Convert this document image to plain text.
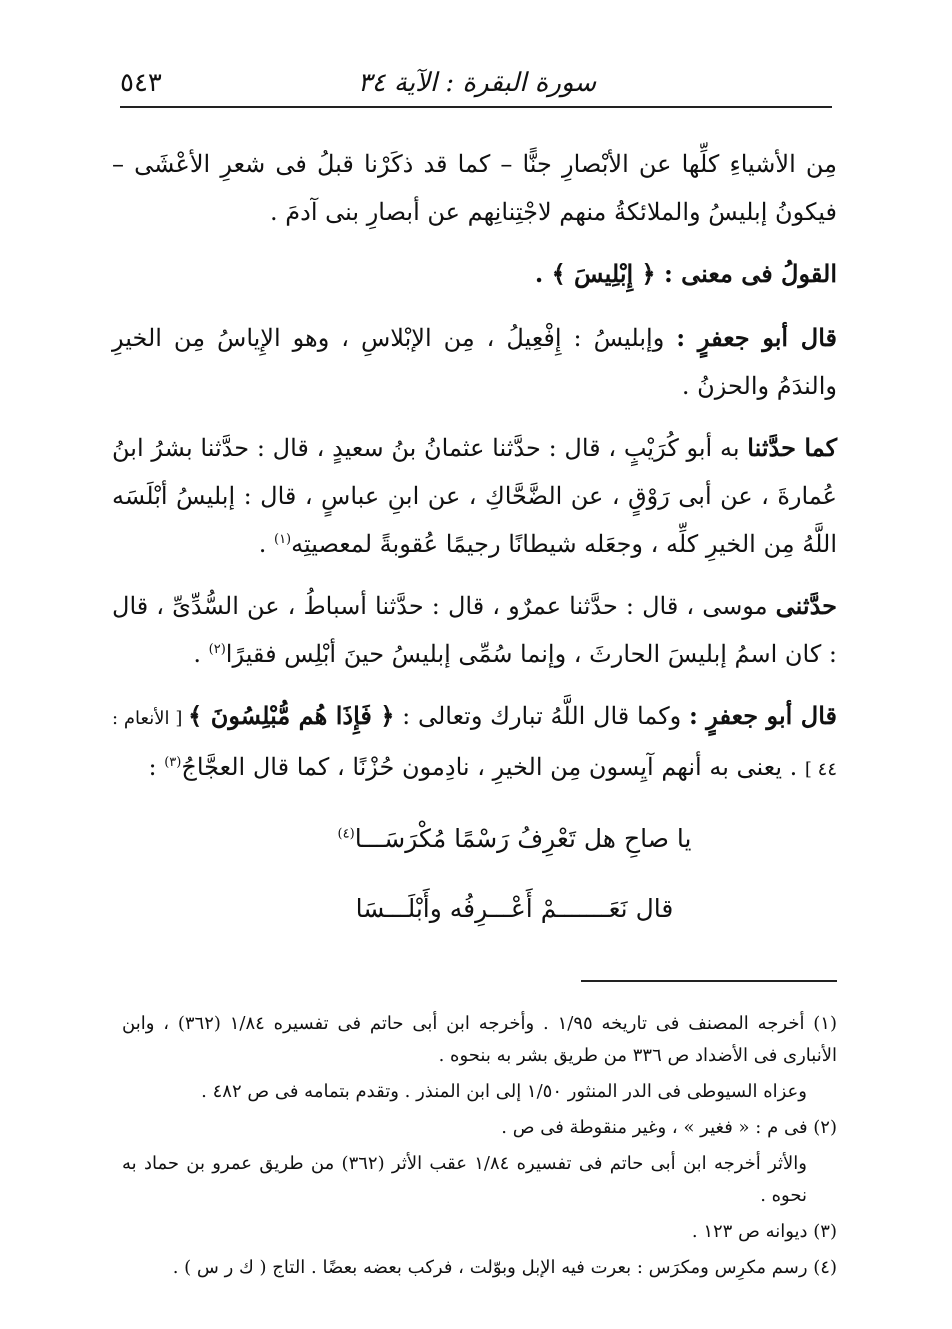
٥٤٣	سورة البقرة : الآية ٣٤

مِن الأشياءِ كلِّها عن الأبْصارِ جنًّا – كما قد ذكَرْنا قبلُ فى شعرِ الأعْشَى – فيكونُ إبليسُ والملائكةُ منهم لاجْتِنانِهم عن أبصارِ بنى آدمَ .

القولُ فى معنى : ﴿ إِبْلِيسَ ﴾ .

قال أبو جعفرٍ : وإبليسُ : إِفْعِيلُ ، مِن الإبْلاسِ ، وهو الإِياسُ مِن الخيرِ والندَمُ والحزنُ .

كما حدَّثنا به أبو كُرَيْبٍ ، قال : حدَّثنا عثمانُ بنُ سعيدٍ ، قال : حدَّثنا بشرُ ابنُ عُمارةَ ، عن أبى رَوْقٍ ، عن الضَّحَّاكِ ، عن ابنِ عباسٍ ، قال : إبليسُ أبْلَسَه اللَّهُ مِن الخيرِ كلِّه ، وجعَله شيطانًا رجيمًا عُقوبةً لمعصيتِه$^{(١)}$ .

حدَّثنى موسى ، قال : حدَّثنا عمرٌو ، قال : حدَّثنا أسباطُ ، عن السُّدِّىِّ ، قال : كان اسمُ إبليسَ الحارثَ ، وإنما سُمِّى إبليسُ حينَ أبْلِس فقيرًا$^{(٢)}$ .

قال أبو جعفرٍ : وكما قال اللَّهُ تبارك وتعالى : ﴿ فَإِذَا هُم مُّبْلِسُونَ ﴾ [ الأنعام : ٤٤ ] . يعنى به أنهم آيِسون مِن الخيرِ ، نادِمون حُزْنًا ، كما قال العجَّاجُ$^{(٣)}$ :

يا صاحِ هل تَعْرِفُ رَسْمًا مُكْرَسَـــا$^{(٤)}$
قال نَعَـــــــمْ أَعْـــرِفُه وأَبْلَـــسَا

(١) أخرجه المصنف فى تاريخه ١/٩٥ . وأخرجه ابن أبى حاتم فى تفسيره ١/٨٤ (٣٦٢) ، وابن الأنبارى فى الأضداد ص ٣٣٦ من طريق بشر به بنحوه .

وعزاه السيوطى فى الدر المنثور ١/٥٠ إلى ابن المنذر . وتقدم بتمامه فى ص ٤٨٢ .

(٢) فى م : « فغير » ، وغير منقوطة فى ص .

والأثر أخرجه ابن أبى حاتم فى تفسيره ١/٨٤ عقب الأثر (٣٦٢) من طريق عمرو بن حماد به نحوه .

(٣) ديوانه ص ١٢٣ .

(٤) رسم مكرِس ومكرَس : بعرت فيه الإبل وبوّلت ، فركب بعضه بعضًا . التاج ( ك ر س ) .
